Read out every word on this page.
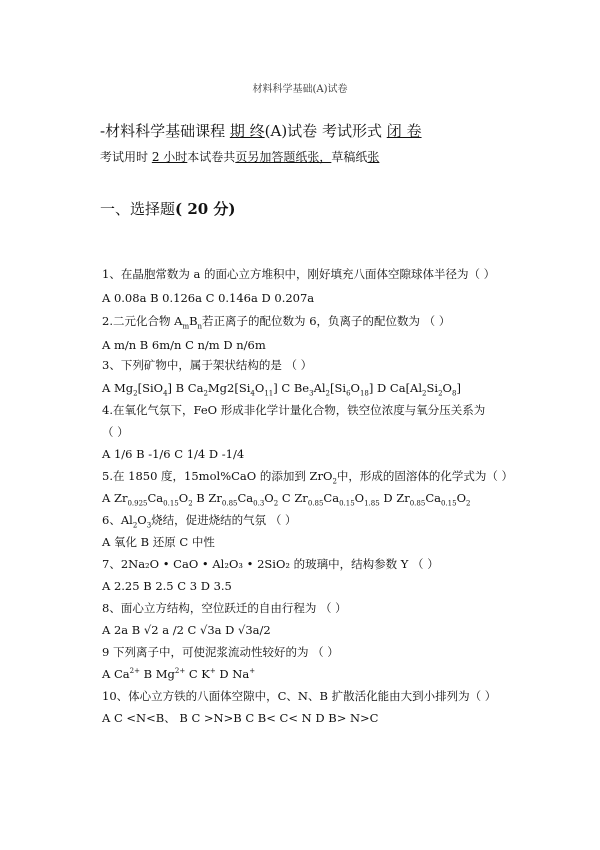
材料科学基础(A)试卷
-材料科学基础课程 期 终(A)试卷 考试形式 闭 卷
考试用时 2 小时本试卷共页另加答题纸张，草稿纸张
一、选择题( 20 分)
1、在晶胞常数为 a 的面心立方堆积中，刚好填充八面体空隙球体半径为（ ）
A 0.08a B 0.126a C 0.146a D 0.207a
2.二元化合物 $A_mB_n$若正离子的配位数为 6，负离子的配位数为 （ ）
A m/n B 6m/n C n/m D n/6m
3、下列矿物中，属于架状结构的是 （ ）
A $Mg_2[SiO_4]$ B $Ca_2Mg2[Si_4O_{11}]$ C $Be_3Al_2[Si_6O_{18}]$ D $Ca[Al_2Si_2O_8]$
4.在氧化气氛下，FeO 形成非化学计量化合物，铁空位浓度与氧分压关系为
（ ）
A 1/6 B -1/6 C 1/4 D -1/4
5.在 1850 度，15mol%CaO 的添加到 ZrO$_2$中，形成的固溶体的化学式为（ ）
A $Zr_{0.925}Ca_{0.15}O_2$ B $Zr_{0.85}Ca_{0.3}O_2$ C $Zr_{0.85}Ca_{0.15}O_{1.85}$ D $Zr_{0.85}Ca_{0.15}O_2$
6、$Al_2O_3$烧结，促进烧结的气氛 （ ）
A 氧化 B 还原 C 中性
7、2Na₂O • CaO • Al₂O₃ • 2SiO₂ 的玻璃中，结构参数 Y （ ）
A 2.25 B 2.5 C 3 D 3.5
8、面心立方结构，空位跃迁的自由行程为 （ ）
A 2a B √2 a /2 C √3a D √3a/2
9 下列离子中，可使泥浆流动性较好的为 （ ）
A $Ca^{2+}$ B $Mg^{2+}$ C K+ D Na+
10、体心立方铁的八面体空隙中，C、N、B 扩散活化能由大到小排列为（ ）
A C <N<B、 B C >N>B C B< C< N D B> N>C
